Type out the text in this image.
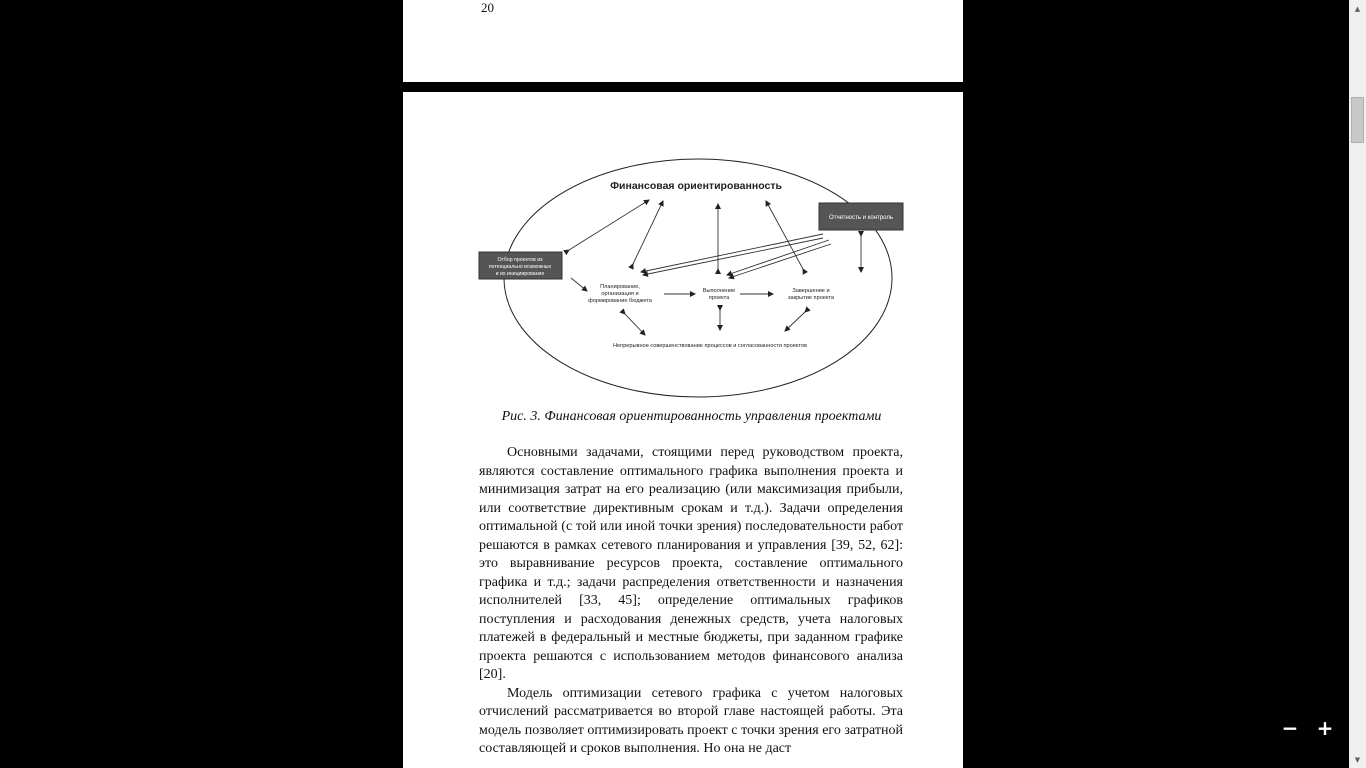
20
Финансовая ориентированность
Отбор проектов из
потенциально возможных
и их инициирование
Отчетность и контроль
Планирование,
организация и
формирование бюджета
Выполнение
проекта
Завершение и
закрытие проекта
Непрерывное совершенствование процессов и согласованности проектов
Рис. 3. Финансовая ориентированность управления проектами

Основными задачами, стоящими перед руководством проекта, являются составление оптимального графика выполнения проекта и минимизация затрат на его реализацию (или максимизация прибыли, или соответствие директивным срокам и т.д.). Задачи определения оптимальной (с той или иной точки зрения) последовательности работ решаются в рамках сетевого планирования и управления [39, 52, 62]: это выравнивание ресурсов проекта, составление оптимального графика и т.д.; задачи распределения ответственности и назначения исполнителей [33, 45]; определение оптимальных графиков поступления и расходования денежных средств, учета налоговых платежей в федеральный и местные бюджеты, при заданном графике проекта решаются с использованием методов финансового анализа [20].

Модель оптимизации сетевого графика с учетом налоговых отчислений рассматривается во второй главе настоящей работы. Эта модель позволяет оптимизировать проект с точки зрения его затратной составляющей и сроков выполнения. Но она не даст

▲
▼
− +
